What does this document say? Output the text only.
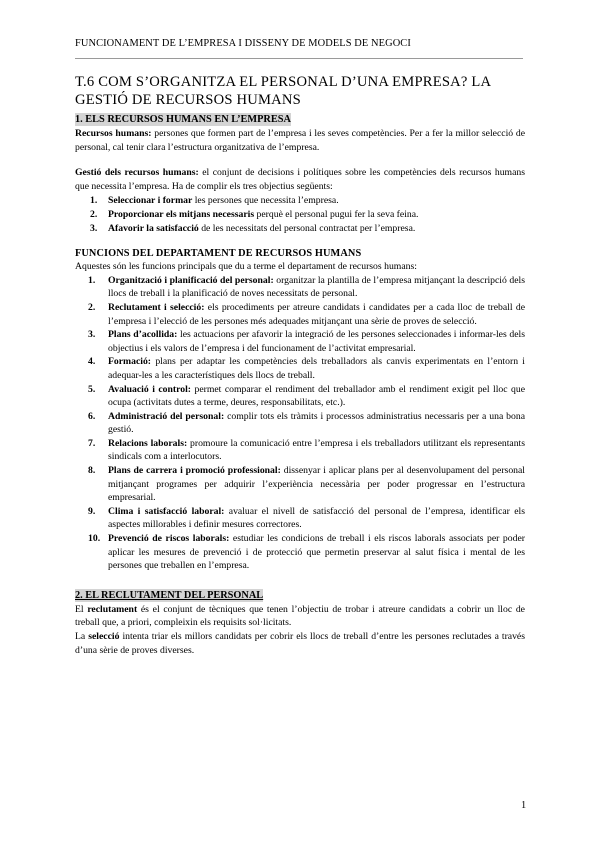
FUNCIONAMENT DE L’EMPRESA I DISSENY DE MODELS DE NEGOCI
T.6 COM S’ORGANITZA EL PERSONAL D’UNA EMPRESA? LA
GESTIÓ DE RECURSOS HUMANS
1. ELS RECURSOS HUMANS EN L’EMPRESA

Recursos humans: persones que formen part de l’empresa i les seves competències. Per a fer la millor selecció de personal, cal tenir clara l’estructura organitzativa de l’empresa.

Gestió dels recursos humans: el conjunt de decisions i polítiques sobre les competències dels recursos humans que necessita l’empresa. Ha de complir els tres objectius següents:

1. Seleccionar i formar les persones que necessita l’empresa.
2. Proporcionar els mitjans necessaris perquè el personal pugui fer la seva feina.
3. Afavorir la satisfacció de les necessitats del personal contractat per l’empresa.
FUNCIONS DEL DEPARTAMENT DE RECURSOS HUMANS

Aquestes són les funcions principals que du a terme el departament de recursos humans:

1. Organització i planificació del personal: organitzar la plantilla de l’empresa mitjançant la descripció dels llocs de treball i la planificació de noves necessitats de personal.
2. Reclutament i selecció: els procediments per atreure candidats i candidates per a cada lloc de treball de l’empresa i l’elecció de les persones més adequades mitjançant una sèrie de proves de selecció.
3. Plans d’acollida: les actuacions per afavorir la integració de les persones seleccionades i informar-les dels objectius i els valors de l’empresa i del funcionament de l’activitat empresarial.
4. Formació: plans per adaptar les competències dels treballadors als canvis experimentats en l’entorn i adequar-les a les característiques dels llocs de treball.
5. Avaluació i control: permet comparar el rendiment del treballador amb el rendiment exigit pel lloc que ocupa (activitats dutes a terme, deures, responsabilitats, etc.).
6. Administració del personal: complir tots els tràmits i processos administratius necessaris per a una bona gestió.
7. Relacions laborals: promoure la comunicació entre l’empresa i els treballadors utilitzant els representants sindicals com a interlocutors.
8. Plans de carrera i promoció professional: dissenyar i aplicar plans per al desenvolupament del personal mitjançant programes per adquirir l’experiència necessària per poder progressar en l’estructura empresarial.
9. Clima i satisfacció laboral: avaluar el nivell de satisfacció del personal de l’empresa, identificar els aspectes millorables i definir mesures correctores.
10. Prevenció de riscos laborals: estudiar les condicions de treball i els riscos laborals associats per poder aplicar les mesures de prevenció i de protecció que permetin preservar al salut física i mental de les persones que treballen en l’empresa.
2. EL RECLUTAMENT DEL PERSONAL

El reclutament és el conjunt de tècniques que tenen l’objectiu de trobar i atreure candidats a cobrir un lloc de treball que, a priori, compleixin els requisits sol·licitats.

La selecció intenta triar els millors candidats per cobrir els llocs de treball d’entre les persones reclutades a través d’una sèrie de proves diverses.

1
